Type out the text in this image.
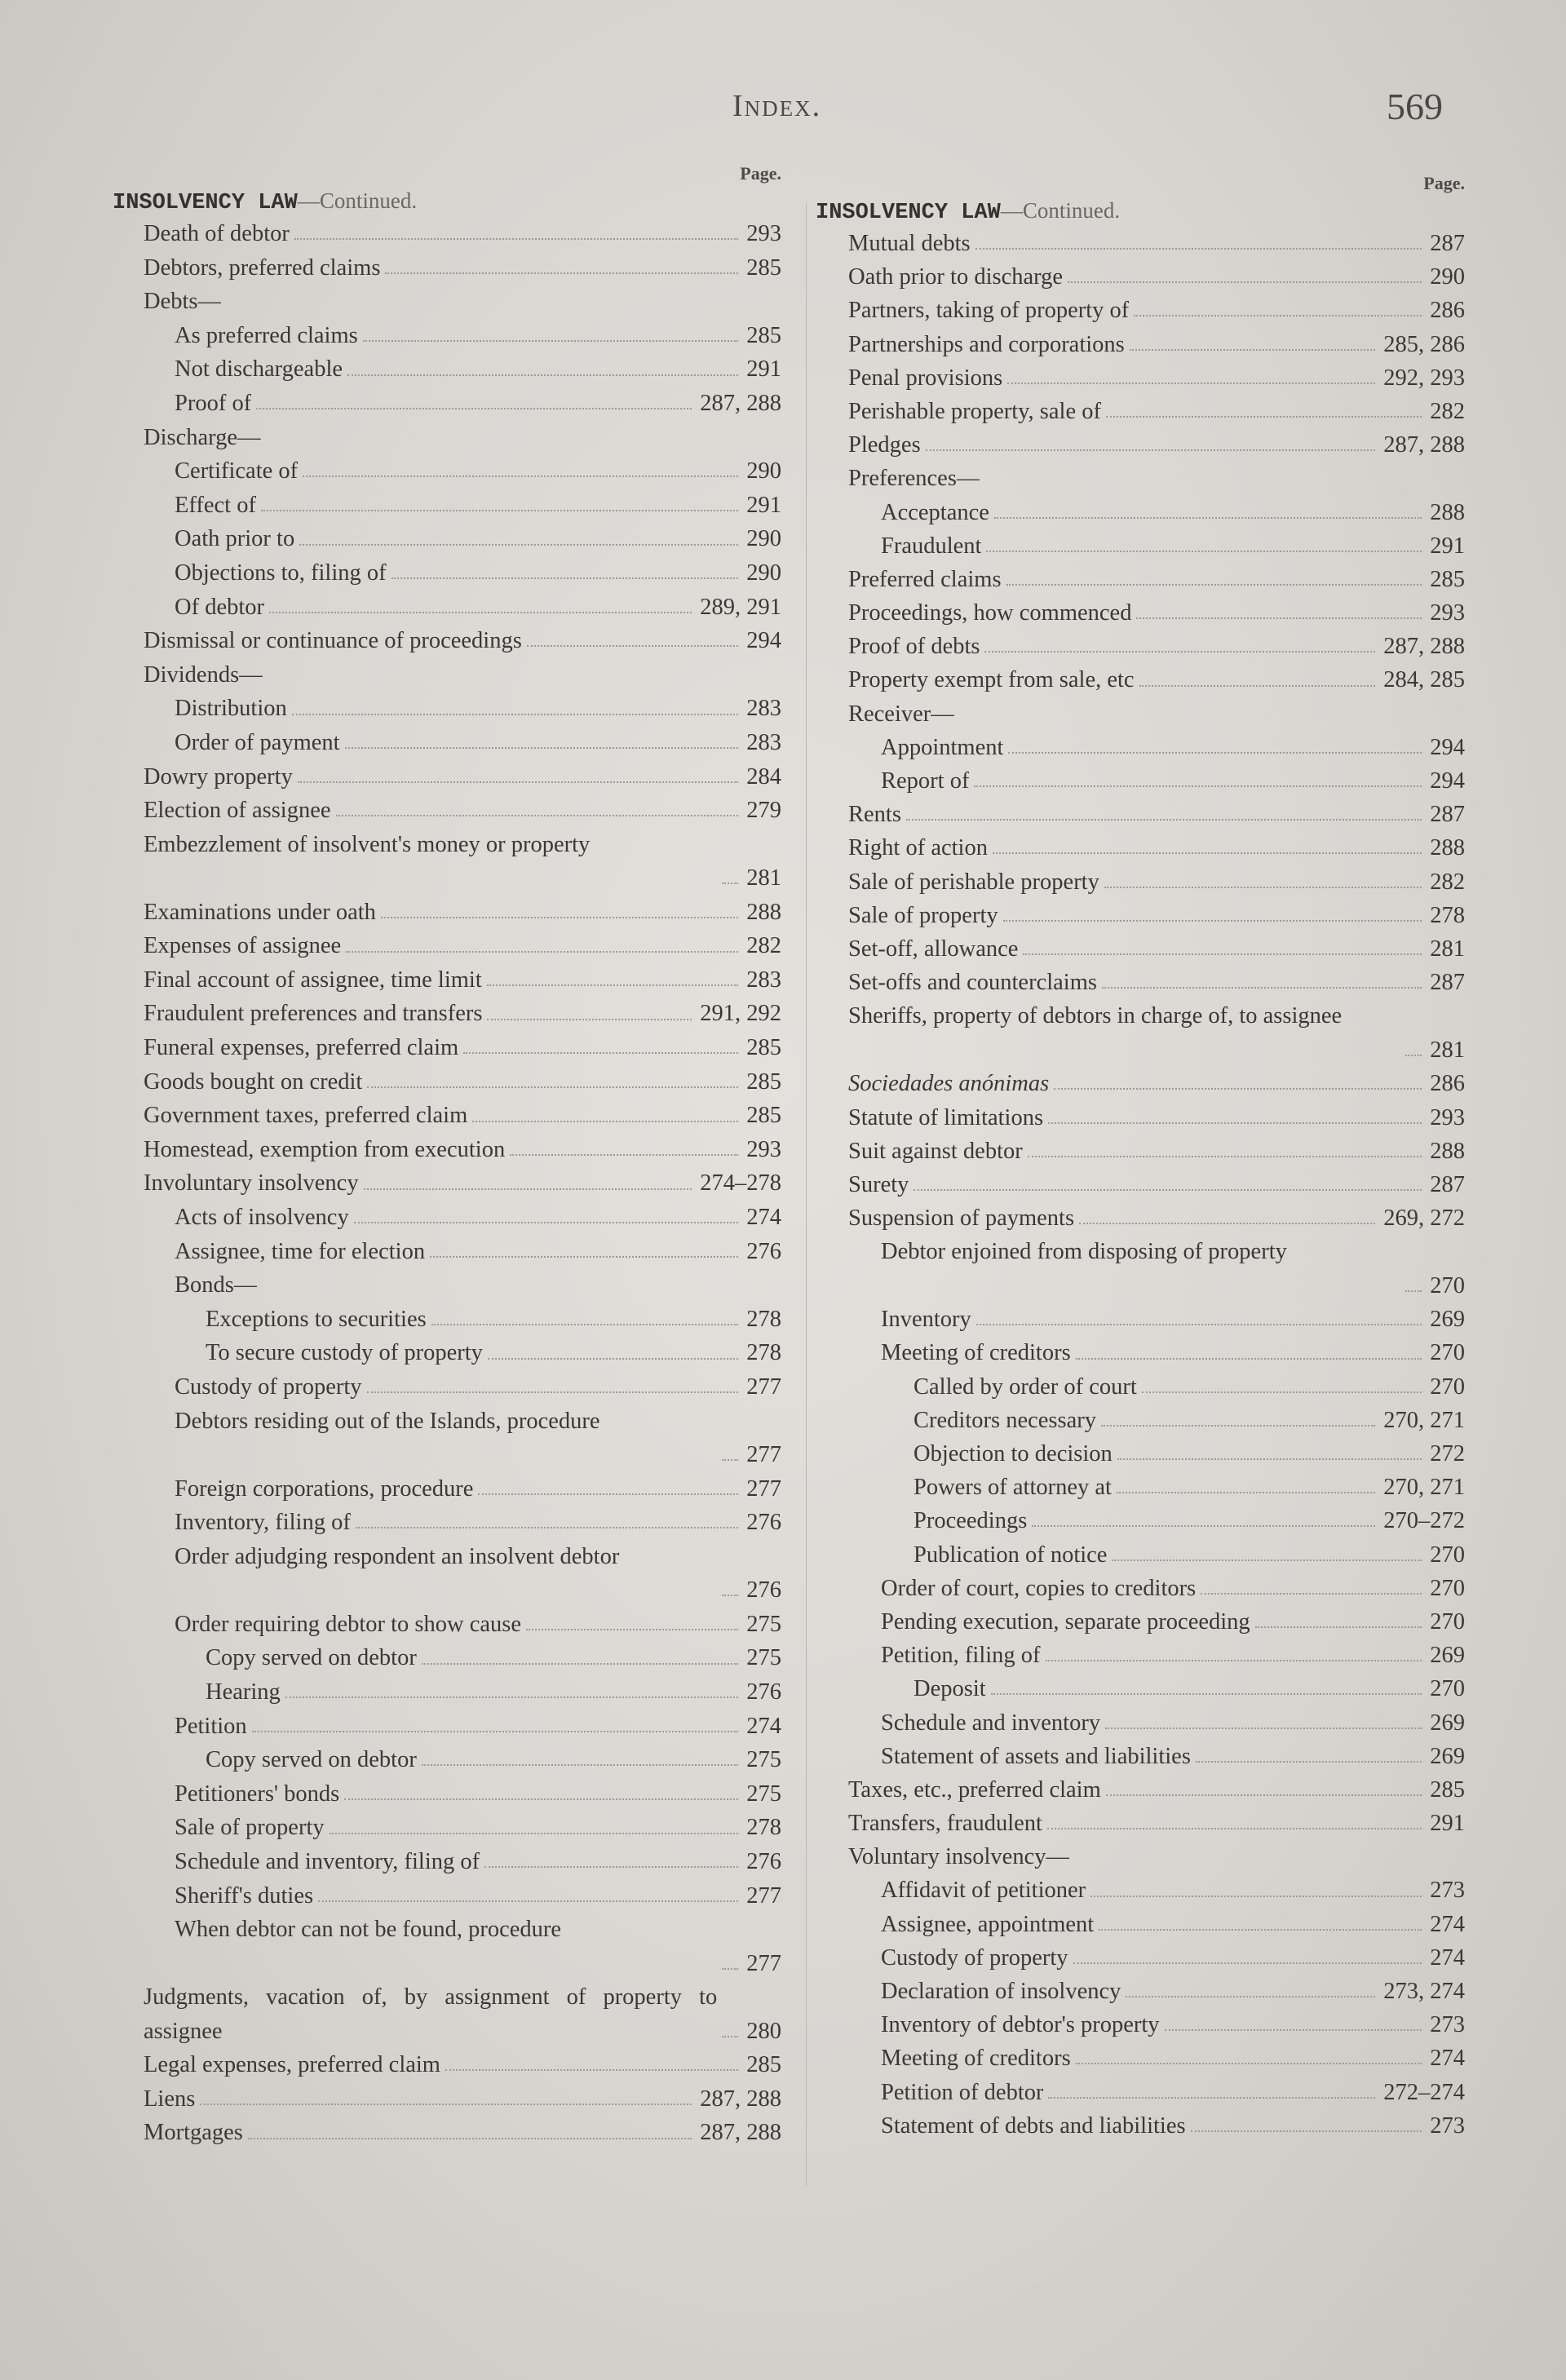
Index.	569
Page.
INSOLVENCY LAW—Continued.
Death of debtor	293
Debtors, preferred claims	285
Debts—
As preferred claims	285
Not dischargeable	291
Proof of	287, 288
Discharge—
Certificate of	290
Effect of	291
Oath prior to	290
Objections to, filing of	290
Of debtor	289, 291
Dismissal or continuance of proceedings	294
Dividends—
Distribution	283
Order of payment	283
Dowry property	284
Election of assignee	279
Embezzlement of insolvent's money or property
281
Examinations under oath	288
Expenses of assignee	282
Final account of assignee, time limit	283
Fraudulent preferences and transfers	291, 292
Funeral expenses, preferred claim	285
Goods bought on credit	285
Government taxes, preferred claim	285
Homestead, exemption from execution	293
Involuntary insolvency	274–278
Acts of insolvency	274
Assignee, time for election	276
Bonds—
Exceptions to securities	278
To secure custody of property	278
Custody of property	277
Debtors residing out of the Islands, procedure
277
Foreign corporations, procedure	277
Inventory, filing of	276
Order adjudging respondent an insolvent debtor
276
Order requiring debtor to show cause	275
Copy served on debtor	275
Hearing	276
Petition	274
Copy served on debtor	275
Petitioners' bonds	275
Sale of property	278
Schedule and inventory, filing of	276
Sheriff's duties	277
When debtor can not be found, procedure
277
Judgments, vacation of, by assignment of property to assignee	280
Legal expenses, preferred claim	285
Liens	287, 288
Mortgages	287, 288
Page.
INSOLVENCY LAW—Continued.
Mutual debts	287
Oath prior to discharge	290
Partners, taking of property of	286
Partnerships and corporations	285, 286
Penal provisions	292, 293
Perishable property, sale of	282
Pledges	287, 288
Preferences—
Acceptance	288
Fraudulent	291
Preferred claims	285
Proceedings, how commenced	293
Proof of debts	287, 288
Property exempt from sale, etc	284, 285
Receiver—
Appointment	294
Report of	294
Rents	287
Right of action	288
Sale of perishable property	282
Sale of property	278
Set-off, allowance	281
Set-offs and counterclaims	287
Sheriffs, property of debtors in charge of, to assignee
281
Sociedades anónimas	286
Statute of limitations	293
Suit against debtor	288
Surety	287
Suspension of payments	269, 272
Debtor enjoined from disposing of property
270
Inventory	269
Meeting of creditors	270
Called by order of court	270
Creditors necessary	270, 271
Objection to decision	272
Powers of attorney at	270, 271
Proceedings	270–272
Publication of notice	270
Order of court, copies to creditors	270
Pending execution, separate proceeding	270
Petition, filing of	269
Deposit	270
Schedule and inventory	269
Statement of assets and liabilities	269
Taxes, etc., preferred claim	285
Transfers, fraudulent	291
Voluntary insolvency—
Affidavit of petitioner	273
Assignee, appointment	274
Custody of property	274
Declaration of insolvency	273, 274
Inventory of debtor's property	273
Meeting of creditors	274
Petition of debtor	272–274
Statement of debts and liabilities	273
